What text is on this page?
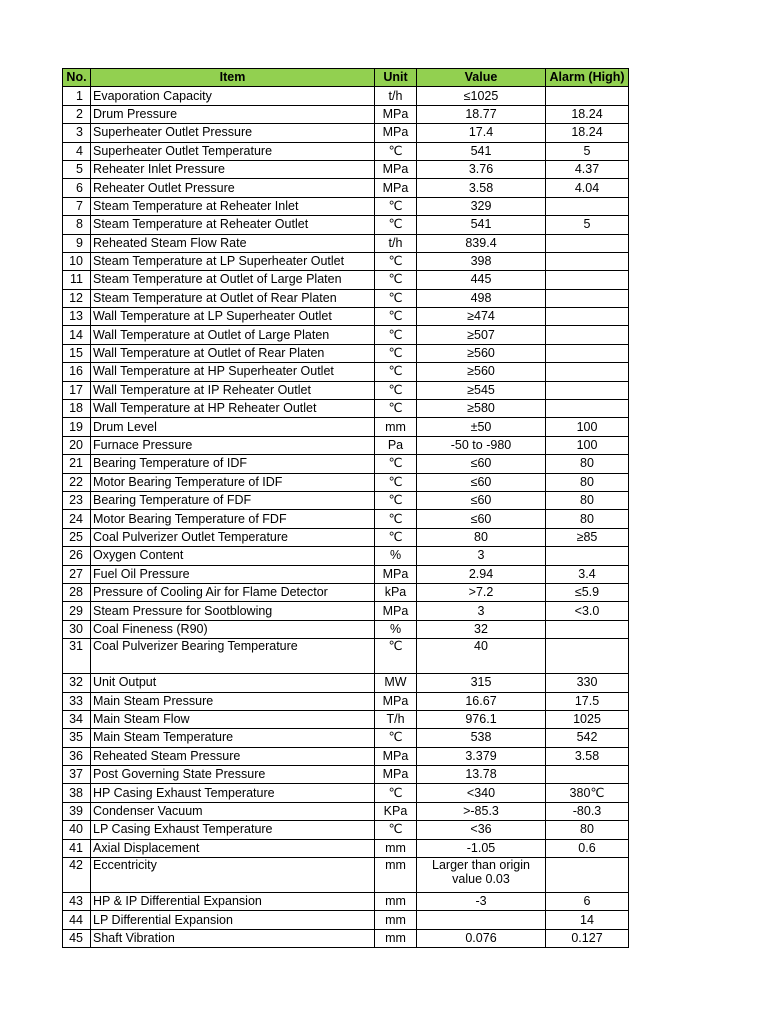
No.	Item	Unit	Value	Alarm (High)
1	Evaporation Capacity	t/h	≤1025	
2	Drum Pressure	MPa	18.77	18.24
3	Superheater Outlet Pressure	MPa	17.4	18.24
4	Superheater Outlet Temperature	℃	541	5
5	Reheater Inlet Pressure	MPa	3.76	4.37
6	Reheater Outlet Pressure	MPa	3.58	4.04
7	Steam Temperature at Reheater Inlet	℃	329	
8	Steam Temperature at Reheater Outlet	℃	541	5
9	Reheated Steam Flow Rate	t/h	839.4	
10	Steam Temperature at LP Superheater Outlet	℃	398	
11	Steam Temperature at Outlet of Large Platen	℃	445	
12	Steam Temperature at Outlet of Rear Platen	℃	498	
13	Wall Temperature at LP Superheater Outlet	℃	≥474	
14	Wall Temperature at Outlet of Large Platen	℃	≥507	
15	Wall Temperature at Outlet of Rear Platen	℃	≥560	
16	Wall Temperature at HP Superheater Outlet	℃	≥560	
17	Wall Temperature at IP Reheater Outlet	℃	≥545	
18	Wall Temperature at HP Reheater Outlet	℃	≥580	
19	Drum Level	mm	±50	100
20	Furnace Pressure	Pa	-50 to -980	100
21	Bearing Temperature of IDF	℃	≤60	80
22	Motor Bearing Temperature of IDF	℃	≤60	80
23	Bearing Temperature of FDF	℃	≤60	80
24	Motor Bearing Temperature of FDF	℃	≤60	80
25	Coal Pulverizer Outlet Temperature	℃	80	≥85
26	Oxygen Content	%	3	
27	Fuel Oil Pressure	MPa	2.94	3.4
28	Pressure of Cooling Air for Flame Detector	kPa	>7.2	≤5.9
29	Steam Pressure for Sootblowing	MPa	3	<3.0
30	Coal Fineness (R90)	%	32	
31	Coal Pulverizer Bearing Temperature	℃	40	
32	Unit Output	MW	315	330
33	Main Steam Pressure	MPa	16.67	17.5
34	Main Steam Flow	T/h	976.1	1025
35	Main Steam Temperature	℃	538	542
36	Reheated Steam Pressure	MPa	3.379	3.58
37	Post Governing State Pressure	MPa	13.78	
38	HP Casing Exhaust Temperature	℃	<340	380℃
39	Condenser Vacuum	KPa	>-85.3	-80.3
40	LP Casing Exhaust Temperature	℃	<36	80
41	Axial Displacement	mm	-1.05	0.6
42	Eccentricity	mm	Larger than origin value 0.03	
43	HP & IP Differential Expansion	mm	-3	6
44	LP Differential Expansion	mm		14
45	Shaft Vibration	mm	0.076	0.127
